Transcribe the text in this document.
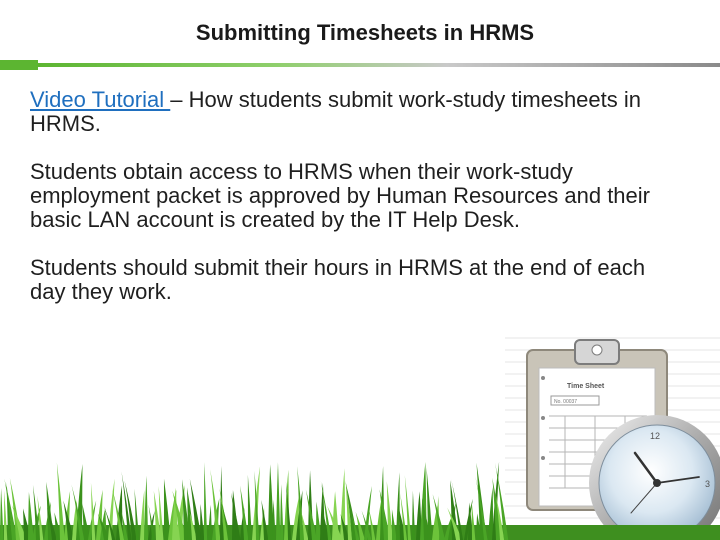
Submitting Timesheets in HRMS

Video Tutorial – How students submit work-study timesheets in HRMS.

Students obtain access to HRMS when their work-study employment packet is approved by Human Resources and their basic LAN account is created by the IT Help Desk.

Students should submit their hours in HRMS at the end of each day they work.

Time Sheet
No. 00037
12
3
